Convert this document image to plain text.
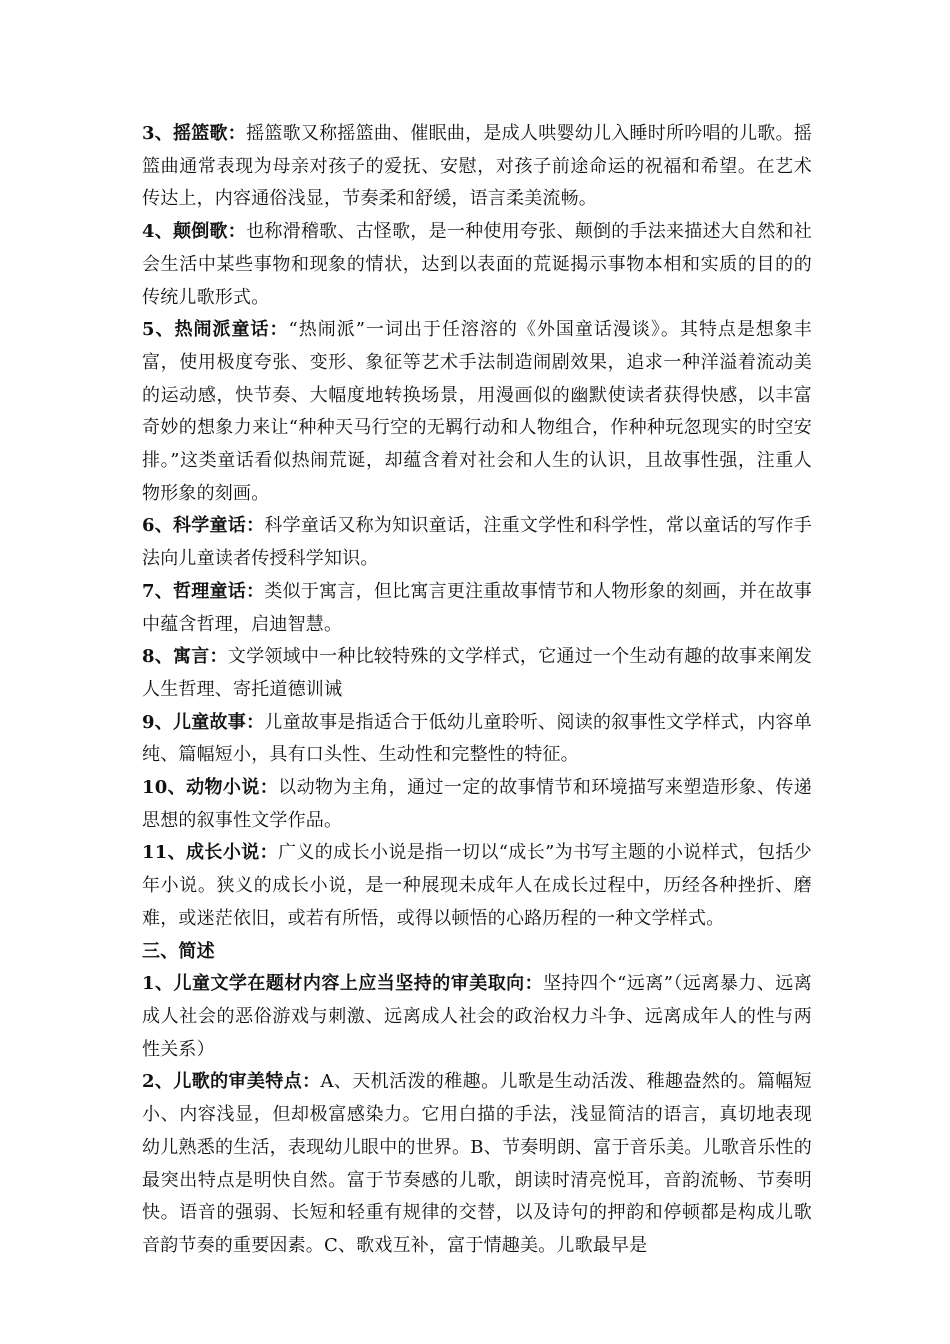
3、摇篮歌：摇篮歌又称摇篮曲、催眠曲，是成人哄婴幼儿入睡时所吟唱的儿歌。摇篮曲通常表现为母亲对孩子的爱抚、安慰，对孩子前途命运的祝福和希望。在艺术传达上，内容通俗浅显，节奏柔和舒缓，语言柔美流畅。

4、颠倒歌：也称滑稽歌、古怪歌，是一种使用夸张、颠倒的手法来描述大自然和社会生活中某些事物和现象的情状，达到以表面的荒诞揭示事物本相和实质的目的的传统儿歌形式。

5、热闹派童话：“热闹派”一词出于任溶溶的《外国童话漫谈》。其特点是想象丰富，使用极度夸张、变形、象征等艺术手法制造闹剧效果，追求一种洋溢着流动美的运动感，快节奏、大幅度地转换场景，用漫画似的幽默使读者获得快感，以丰富奇妙的想象力来让“种种天马行空的无羁行动和人物组合，作种种玩忽现实的时空安排。”这类童话看似热闹荒诞，却蕴含着对社会和人生的认识，且故事性强，注重人物形象的刻画。

6、科学童话：科学童话又称为知识童话，注重文学性和科学性，常以童话的写作手法向儿童读者传授科学知识。

7、哲理童话：类似于寓言，但比寓言更注重故事情节和人物形象的刻画，并在故事中蕴含哲理，启迪智慧。

8、寓言：文学领域中一种比较特殊的文学样式，它通过一个生动有趣的故事来阐发人生哲理、寄托道德训诫

9、儿童故事：儿童故事是指适合于低幼儿童聆听、阅读的叙事性文学样式，内容单纯、篇幅短小，具有口头性、生动性和完整性的特征。

10、动物小说：以动物为主角，通过一定的故事情节和环境描写来塑造形象、传递思想的叙事性文学作品。

11、成长小说：广义的成长小说是指一切以“成长”为书写主题的小说样式，包括少年小说。狭义的成长小说，是一种展现未成年人在成长过程中，历经各种挫折、磨难，或迷茫依旧，或若有所悟，或得以顿悟的心路历程的一种文学样式。

三、简述

1、儿童文学在题材内容上应当坚持的审美取向：坚持四个“远离”（远离暴力、远离成人社会的恶俗游戏与刺激、远离成人社会的政治权力斗争、远离成年人的性与两性关系）

2、儿歌的审美特点：A、天机活泼的稚趣。儿歌是生动活泼、稚趣盎然的。篇幅短小、内容浅显，但却极富感染力。它用白描的手法，浅显简洁的语言，真切地表现幼儿熟悉的生活，表现幼儿眼中的世界。B、节奏明朗、富于音乐美。儿歌音乐性的最突出特点是明快自然。富于节奏感的儿歌，朗读时清亮悦耳，音韵流畅、节奏明快。语音的强弱、长短和轻重有规律的交替，以及诗句的押韵和停顿都是构成儿歌音韵节奏的重要因素。C、歌戏互补，富于情趣美。儿歌最早是
